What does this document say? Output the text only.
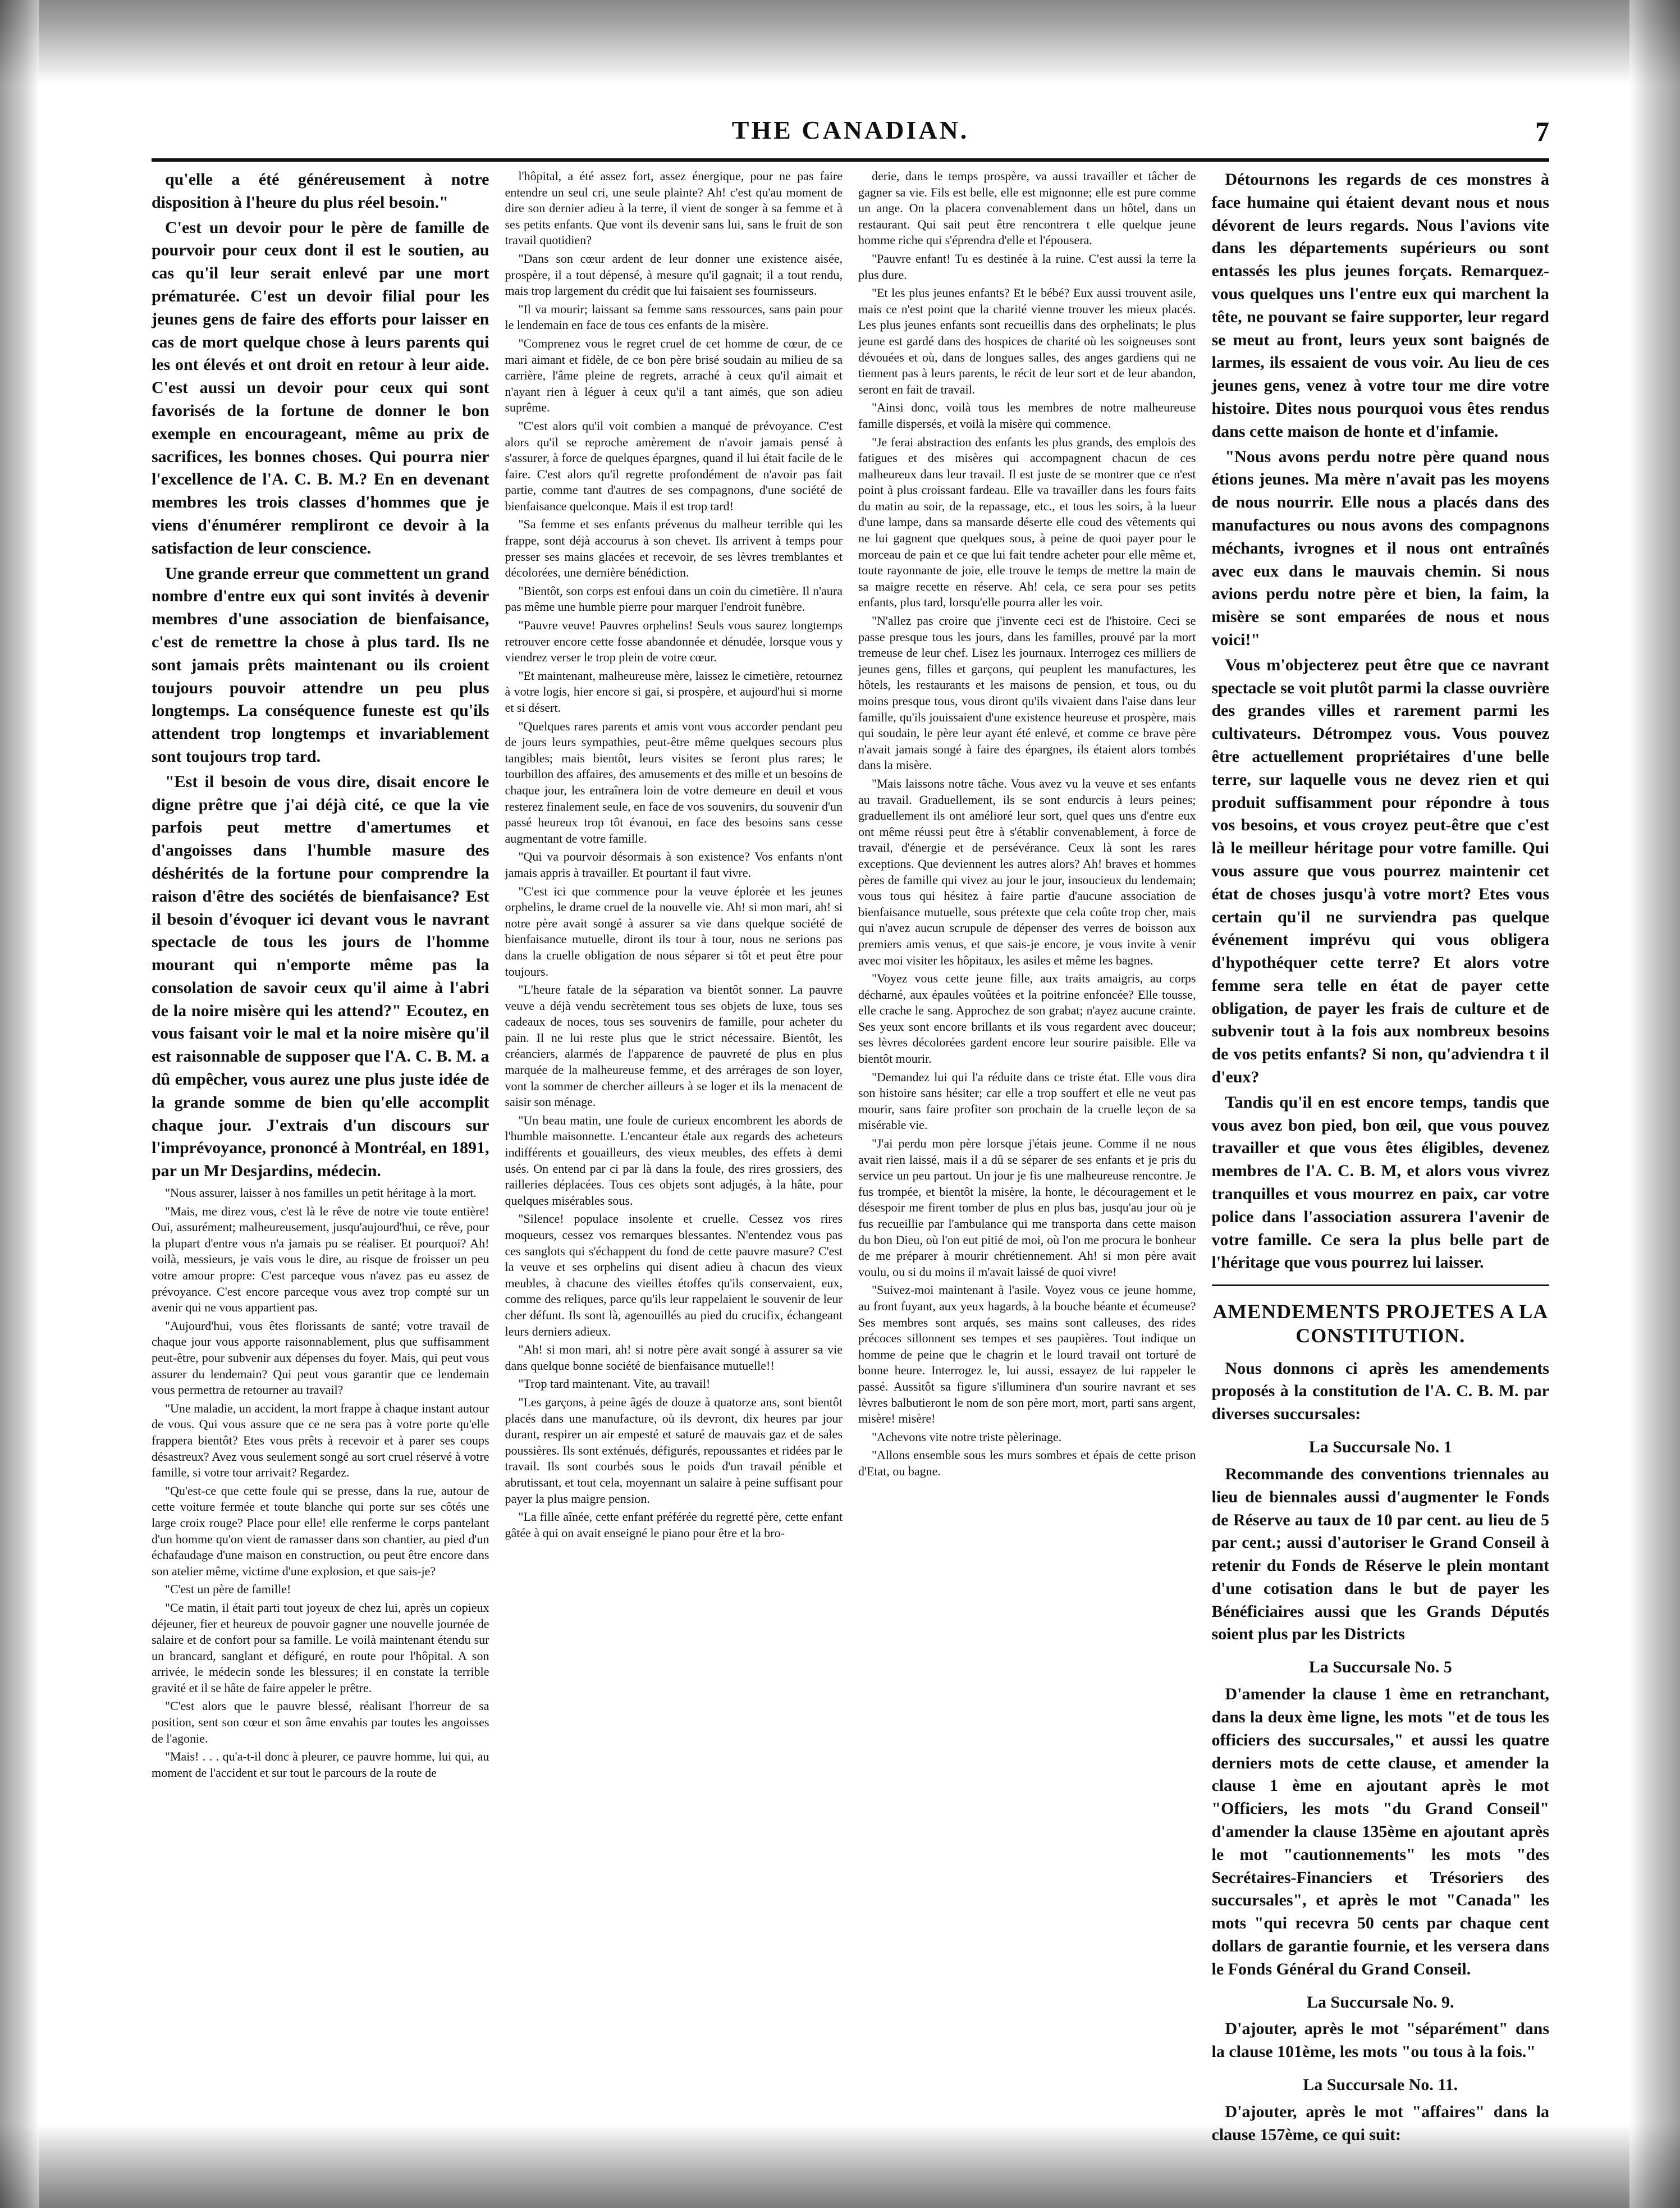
THE CANADIAN.	7

qu'elle a été généreusement à notre disposition à l'heure du plus réel besoin."

C'est un devoir pour le père de famille de pourvoir pour ceux dont il est le soutien, au cas qu'il leur serait enlevé par une mort prématurée. C'est un devoir filial pour les jeunes gens de faire des efforts pour laisser en cas de mort quelque chose à leurs parents qui les ont élevés et ont droit en retour à leur aide. C'est aussi un devoir pour ceux qui sont favorisés de la fortune de donner le bon exemple en encourageant, même au prix de sacrifices, les bonnes choses. Qui pourra nier l'excellence de l'A. C. B. M.? En en devenant membres les trois classes d'hommes que je viens d'énumérer rempliront ce devoir à la satisfaction de leur conscience.

Une grande erreur que commettent un grand nombre d'entre eux qui sont invités à devenir membres d'une association de bienfaisance, c'est de remettre la chose à plus tard. Ils ne sont jamais prêts maintenant ou ils croient toujours pouvoir attendre un peu plus longtemps. La conséquence funeste est qu'ils attendent trop longtemps et invariablement sont toujours trop tard.

"Est il besoin de vous dire, disait encore le digne prêtre que j'ai déjà cité, ce que la vie parfois peut mettre d'amertumes et d'angoisses dans l'humble masure des déshérités de la fortune pour comprendre la raison d'être des sociétés de bienfaisance? Est il besoin d'évoquer ici devant vous le navrant spectacle de tous les jours de l'homme mourant qui n'emporte même pas la consolation de savoir ceux qu'il aime à l'abri de la noire misère qui les attend?" Ecoutez, en vous faisant voir le mal et la noire misère qu'il est raisonnable de supposer que l'A. C. B. M. a dû empêcher, vous aurez une plus juste idée de la grande somme de bien qu'elle accomplit chaque jour. J'extrais d'un discours sur l'imprévoyance, prononcé à Montréal, en 1891, par un Mr Desjardins, médecin.

"Nous assurer, laisser à nos familles un petit héritage à la mort.

"Mais, me direz vous, c'est là le rêve de notre vie toute entière! Oui, assurément; malheureusement, jusqu'aujourd'hui, ce rêve, pour la plupart d'entre vous n'a jamais pu se réaliser. Et pourquoi? Ah! voilà, messieurs, je vais vous le dire, au risque de froisser un peu votre amour propre: C'est parceque vous n'avez pas eu assez de prévoyance. C'est encore parceque vous avez trop compté sur un avenir qui ne vous appartient pas.

"Aujourd'hui, vous êtes florissants de santé; votre travail de chaque jour vous apporte raisonnablement, plus que suffisamment peut-être, pour subvenir aux dépenses du foyer. Mais, qui peut vous assurer du lendemain? Qui peut vous garantir que ce lendemain vous permettra de retourner au travail?

"Une maladie, un accident, la mort frappe à chaque instant autour de vous. Qui vous assure que ce ne sera pas à votre porte qu'elle frappera bientôt? Etes vous prêts à recevoir et à parer ses coups désastreux? Avez vous seulement songé au sort cruel réservé à votre famille, si votre tour arrivait? Regardez.

"Qu'est-ce que cette foule qui se presse, dans la rue, autour de cette voiture fermée et toute blanche qui porte sur ses côtés une large croix rouge? Place pour elle! elle renferme le corps pantelant d'un homme qu'on vient de ramasser dans son chantier, au pied d'un échafaudage d'une maison en construction, ou peut être encore dans son atelier même, victime d'une explosion, et que sais-je?

"C'est un père de famille!

"Ce matin, il était parti tout joyeux de chez lui, après un copieux déjeuner, fier et heureux de pouvoir gagner une nouvelle journée de salaire et de confort pour sa famille. Le voilà maintenant étendu sur un brancard, sanglant et défiguré, en route pour l'hôpital. A son arrivée, le médecin sonde les blessures; il en constate la terrible gravité et il se hâte de faire appeler le prêtre.

"C'est alors que le pauvre blessé, réalisant l'horreur de sa position, sent son cœur et son âme envahis par toutes les angoisses de l'agonie.

"Mais! . . . qu'a-t-il donc à pleurer, ce pauvre homme, lui qui, au moment de l'accident et sur tout le parcours de la route de

l'hôpital, a été assez fort, assez énergique, pour ne pas faire entendre un seul cri, une seule plainte? Ah! c'est qu'au moment de dire son dernier adieu à la terre, il vient de songer à sa femme et à ses petits enfants. Que vont ils devenir sans lui, sans le fruit de son travail quotidien?

"Dans son cœur ardent de leur donner une existence aisée, prospère, il a tout dépensé, à mesure qu'il gagnait; il a tout rendu, mais trop largement du crédit que lui faisaient ses fournisseurs.

"Il va mourir; laissant sa femme sans ressources, sans pain pour le lendemain en face de tous ces enfants de la misère.

"Comprenez vous le regret cruel de cet homme de cœur, de ce mari aimant et fidèle, de ce bon père brisé soudain au milieu de sa carrière, l'âme pleine de regrets, arraché à ceux qu'il aimait et n'ayant rien à léguer à ceux qu'il a tant aimés, que son adieu suprême.

"C'est alors qu'il voit combien a manqué de prévoyance. C'est alors qu'il se reproche amèrement de n'avoir jamais pensé à s'assurer, à force de quelques épargnes, quand il lui était facile de le faire. C'est alors qu'il regrette profondément de n'avoir pas fait partie, comme tant d'autres de ses compagnons, d'une société de bienfaisance quelconque. Mais il est trop tard!

"Sa femme et ses enfants prévenus du malheur terrible qui les frappe, sont déjà accourus à son chevet. Ils arrivent à temps pour presser ses mains glacées et recevoir, de ses lèvres tremblantes et décolorées, une dernière bénédiction.

"Bientôt, son corps est enfoui dans un coin du cimetière. Il n'aura pas même une humble pierre pour marquer l'endroit funèbre.

"Pauvre veuve! Pauvres orphelins! Seuls vous saurez longtemps retrouver encore cette fosse abandonnée et dénudée, lorsque vous y viendrez verser le trop plein de votre cœur.

"Et maintenant, malheureuse mère, laissez le cimetière, retournez à votre logis, hier encore si gai, si prospère, et aujourd'hui si morne et si désert.

"Quelques rares parents et amis vont vous accorder pendant peu de jours leurs sympathies, peut-être même quelques secours plus tangibles; mais bientôt, leurs visites se feront plus rares; le tourbillon des affaires, des amusements et des mille et un besoins de chaque jour, les entraînera loin de votre demeure en deuil et vous resterez finalement seule, en face de vos souvenirs, du souvenir d'un passé heureux trop tôt évanoui, en face des besoins sans cesse augmentant de votre famille.

"Qui va pourvoir désormais à son existence? Vos enfants n'ont jamais appris à travailler. Et pourtant il faut vivre.

"C'est ici que commence pour la veuve éplorée et les jeunes orphelins, le drame cruel de la nouvelle vie. Ah! si mon mari, ah! si notre père avait songé à assurer sa vie dans quelque société de bienfaisance mutuelle, diront ils tour à tour, nous ne serions pas dans la cruelle obligation de nous séparer si tôt et peut être pour toujours.

"L'heure fatale de la séparation va bientôt sonner. La pauvre veuve a déjà vendu secrètement tous ses objets de luxe, tous ses cadeaux de noces, tous ses souvenirs de famille, pour acheter du pain. Il ne lui reste plus que le strict nécessaire. Bientôt, les créanciers, alarmés de l'apparence de pauvreté de plus en plus marquée de la malheureuse femme, et des arrérages de son loyer, vont la sommer de chercher ailleurs à se loger et ils la menacent de saisir son ménage.

"Un beau matin, une foule de curieux encombrent les abords de l'humble maisonnette. L'encanteur étale aux regards des acheteurs indifférents et gouailleurs, des vieux meubles, des effets à demi usés. On entend par ci par là dans la foule, des rires grossiers, des railleries déplacées. Tous ces objets sont adjugés, à la hâte, pour quelques misérables sous.

"Silence! populace insolente et cruelle. Cessez vos rires moqueurs, cessez vos remarques blessantes. N'entendez vous pas ces sanglots qui s'échappent du fond de cette pauvre masure? C'est la veuve et ses orphelins qui disent adieu à chacun des vieux meubles, à chacune des vieilles étoffes qu'ils conservaient, eux, comme des reliques, parce qu'ils leur rappelaient le souvenir de leur cher défunt. Ils sont là, agenouillés au pied du crucifix, échangeant leurs derniers adieux.

"Ah! si mon mari, ah! si notre père avait songé à assurer sa vie dans quelque bonne société de bienfaisance mutuelle!!

"Trop tard maintenant. Vite, au travail!

"Les garçons, à peine âgés de douze à quatorze ans, sont bientôt placés dans une manufacture, où ils devront, dix heures par jour durant, respirer un air empesté et saturé de mauvais gaz et de sales poussières. Ils sont exténués, défigurés, repoussantes et ridées par le travail. Ils sont courbés sous le poids d'un travail pénible et abrutissant, et tout cela, moyennant un salaire à peine suffisant pour payer la plus maigre pension.

"La fille aînée, cette enfant préférée du regretté père, cette enfant gâtée à qui on avait enseigné le piano pour être et la bro-

derie, dans le temps prospère, va aussi travailler et tâcher de gagner sa vie. Fils est belle, elle est mignonne; elle est pure comme un ange. On la placera convenablement dans un hôtel, dans un restaurant. Qui sait peut être rencontrera t elle quelque jeune homme riche qui s'éprendra d'elle et l'épousera.

"Pauvre enfant! Tu es destinée à la ruine. C'est aussi la terre la plus dure.

"Et les plus jeunes enfants? Et le bébé? Eux aussi trouvent asile, mais ce n'est point que la charité vienne trouver les mieux placés. Les plus jeunes enfants sont recueillis dans des orphelinats; le plus jeune est gardé dans des hospices de charité où les soigneuses sont dévouées et où, dans de longues salles, des anges gardiens qui ne tiennent pas à leurs parents, le récit de leur sort et de leur abandon, seront en fait de travail.

"Ainsi donc, voilà tous les membres de notre malheureuse famille dispersés, et voilà la misère qui commence.

"Je ferai abstraction des enfants les plus grands, des emplois des fatigues et des misères qui accompagnent chacun de ces malheureux dans leur travail. Il est juste de se montrer que ce n'est point à plus croissant fardeau. Elle va travailler dans les fours faits du matin au soir, de la repassage, etc., et tous les soirs, à la lueur d'une lampe, dans sa mansarde déserte elle coud des vêtements qui ne lui gagnent que quelques sous, à peine de quoi payer pour le morceau de pain et ce que lui fait tendre acheter pour elle même et, toute rayonnante de joie, elle trouve le temps de mettre la main de sa maigre recette en réserve. Ah! cela, ce sera pour ses petits enfants, plus tard, lorsqu'elle pourra aller les voir.

"N'allez pas croire que j'invente ceci est de l'histoire. Ceci se passe presque tous les jours, dans les familles, prouvé par la mort tremeuse de leur chef. Lisez les journaux. Interrogez ces milliers de jeunes gens, filles et garçons, qui peuplent les manufactures, les hôtels, les restaurants et les maisons de pension, et tous, ou du moins presque tous, vous diront qu'ils vivaient dans l'aise dans leur famille, qu'ils jouissaient d'une existence heureuse et prospère, mais qui soudain, le père leur ayant été enlevé, et comme ce brave père n'avait jamais songé à faire des épargnes, ils étaient alors tombés dans la misère.

"Mais laissons notre tâche. Vous avez vu la veuve et ses enfants au travail. Graduellement, ils se sont endurcis à leurs peines; graduellement ils ont amélioré leur sort, quel ques uns d'entre eux ont même réussi peut être à s'établir convenablement, à force de travail, d'énergie et de persévérance. Ceux là sont les rares exceptions. Que deviennent les autres alors? Ah! braves et hommes pères de famille qui vivez au jour le jour, insoucieux du lendemain; vous tous qui hésitez à faire partie d'aucune association de bienfaisance mutuelle, sous prétexte que cela coûte trop cher, mais qui n'avez aucun scrupule de dépenser des verres de boisson aux premiers amis venus, et que sais-je encore, je vous invite à venir avec moi visiter les hôpitaux, les asiles et même les bagnes.

"Voyez vous cette jeune fille, aux traits amaigris, au corps décharné, aux épaules voûtées et la poitrine enfoncée? Elle tousse, elle crache le sang. Approchez de son grabat; n'ayez aucune crainte. Ses yeux sont encore brillants et ils vous regardent avec douceur; ses lèvres décolorées gardent encore leur sourire paisible. Elle va bientôt mourir.

"Demandez lui qui l'a réduite dans ce triste état. Elle vous dira son histoire sans hésiter; car elle a trop souffert et elle ne veut pas mourir, sans faire profiter son prochain de la cruelle leçon de sa misérable vie.

"J'ai perdu mon père lorsque j'étais jeune. Comme il ne nous avait rien laissé, mais il a dû se séparer de ses enfants et je pris du service un peu partout. Un jour je fis une malheureuse rencontre. Je fus trompée, et bientôt la misère, la honte, le découragement et le désespoir me firent tomber de plus en plus bas, jusqu'au jour où je fus recueillie par l'ambulance qui me transporta dans cette maison du bon Dieu, où l'on eut pitié de moi, où l'on me procura le bonheur de me préparer à mourir chrétiennement. Ah! si mon père avait voulu, ou si du moins il m'avait laissé de quoi vivre!

"Suivez-moi maintenant à l'asile. Voyez vous ce jeune homme, au front fuyant, aux yeux hagards, à la bouche béante et écumeuse? Ses membres sont arqués, ses mains sont calleuses, des rides précoces sillonnent ses tempes et ses paupières. Tout indique un homme de peine que le chagrin et le lourd travail ont torturé de bonne heure. Interrogez le, lui aussi, essayez de lui rappeler le passé. Aussitôt sa figure s'illuminera d'un sourire navrant et ses lèvres balbutieront le nom de son père mort, mort, parti sans argent, misère! misère!

"Achevons vite notre triste pèlerinage.

"Allons ensemble sous les murs sombres et épais de cette prison d'Etat, ou bagne.

Détournons les regards de ces monstres à face humaine qui étaient devant nous et nous dévorent de leurs regards. Nous l'avions vite dans les départements supérieurs ou sont entassés les plus jeunes forçats. Remarquez-vous quelques uns l'entre eux qui marchent la tête, ne pouvant se faire supporter, leur regard se meut au front, leurs yeux sont baignés de larmes, ils essaient de vous voir. Au lieu de ces jeunes gens, venez à votre tour me dire votre histoire. Dites nous pourquoi vous êtes rendus dans cette maison de honte et d'infamie.

"Nous avons perdu notre père quand nous étions jeunes. Ma mère n'avait pas les moyens de nous nourrir. Elle nous a placés dans des manufactures ou nous avons des compagnons méchants, ivrognes et il nous ont entraînés avec eux dans le mauvais chemin. Si nous avions perdu notre père et bien, la faim, la misère se sont emparées de nous et nous voici!"

Vous m'objecterez peut être que ce navrant spectacle se voit plutôt parmi la classe ouvrière des grandes villes et rarement parmi les cultivateurs. Détrompez vous. Vous pouvez être actuellement propriétaires d'une belle terre, sur laquelle vous ne devez rien et qui produit suffisamment pour répondre à tous vos besoins, et vous croyez peut-être que c'est là le meilleur héritage pour votre famille. Qui vous assure que vous pourrez maintenir cet état de choses jusqu'à votre mort? Etes vous certain qu'il ne surviendra pas quelque événement imprévu qui vous obligera d'hypothéquer cette terre? Et alors votre femme sera telle en état de payer cette obligation, de payer les frais de culture et de subvenir tout à la fois aux nombreux besoins de vos petits enfants? Si non, qu'adviendra t il d'eux?

Tandis qu'il en est encore temps, tandis que vous avez bon pied, bon œil, que vous pouvez travailler et que vous êtes éligibles, devenez membres de l'A. C. B. M, et alors vous vivrez tranquilles et vous mourrez en paix, car votre police dans l'association assurera l'avenir de votre famille. Ce sera la plus belle part de l'héritage que vous pourrez lui laisser.

AMENDEMENTS PROJETES A LA CONSTITUTION.

Nous donnons ci après les amendements proposés à la constitution de l'A. C. B. M. par diverses succursales:

La Succursale No. 1

Recommande des conventions triennales au lieu de biennales aussi d'augmenter le Fonds de Réserve au taux de 10 par cent. au lieu de 5 par cent.; aussi d'autoriser le Grand Conseil à retenir du Fonds de Réserve le plein montant d'une cotisation dans le but de payer les Bénéficiaires aussi que les Grands Députés soient plus par les Districts

La Succursale No. 5

D'amender la clause 1 ème en retranchant, dans la deux ème ligne, les mots "et de tous les officiers des succursales," et aussi les quatre derniers mots de cette clause, et amender la clause 1 ème en ajoutant après le mot "Officiers, les mots "du Grand Conseil" d'amender la clause 135ème en ajoutant après le mot "cautionnements" les mots "des Secrétaires-Financiers et Trésoriers des succursales", et après le mot "Canada" les mots "qui recevra 50 cents par chaque cent dollars de garantie fournie, et les versera dans le Fonds Général du Grand Conseil.

La Succursale No. 9.

D'ajouter, après le mot "séparément" dans la clause 101ème, les mots "ou tous à la fois."

La Succursale No. 11.

D'ajouter, après le mot "affaires" dans la clause 157ème, ce qui suit:
